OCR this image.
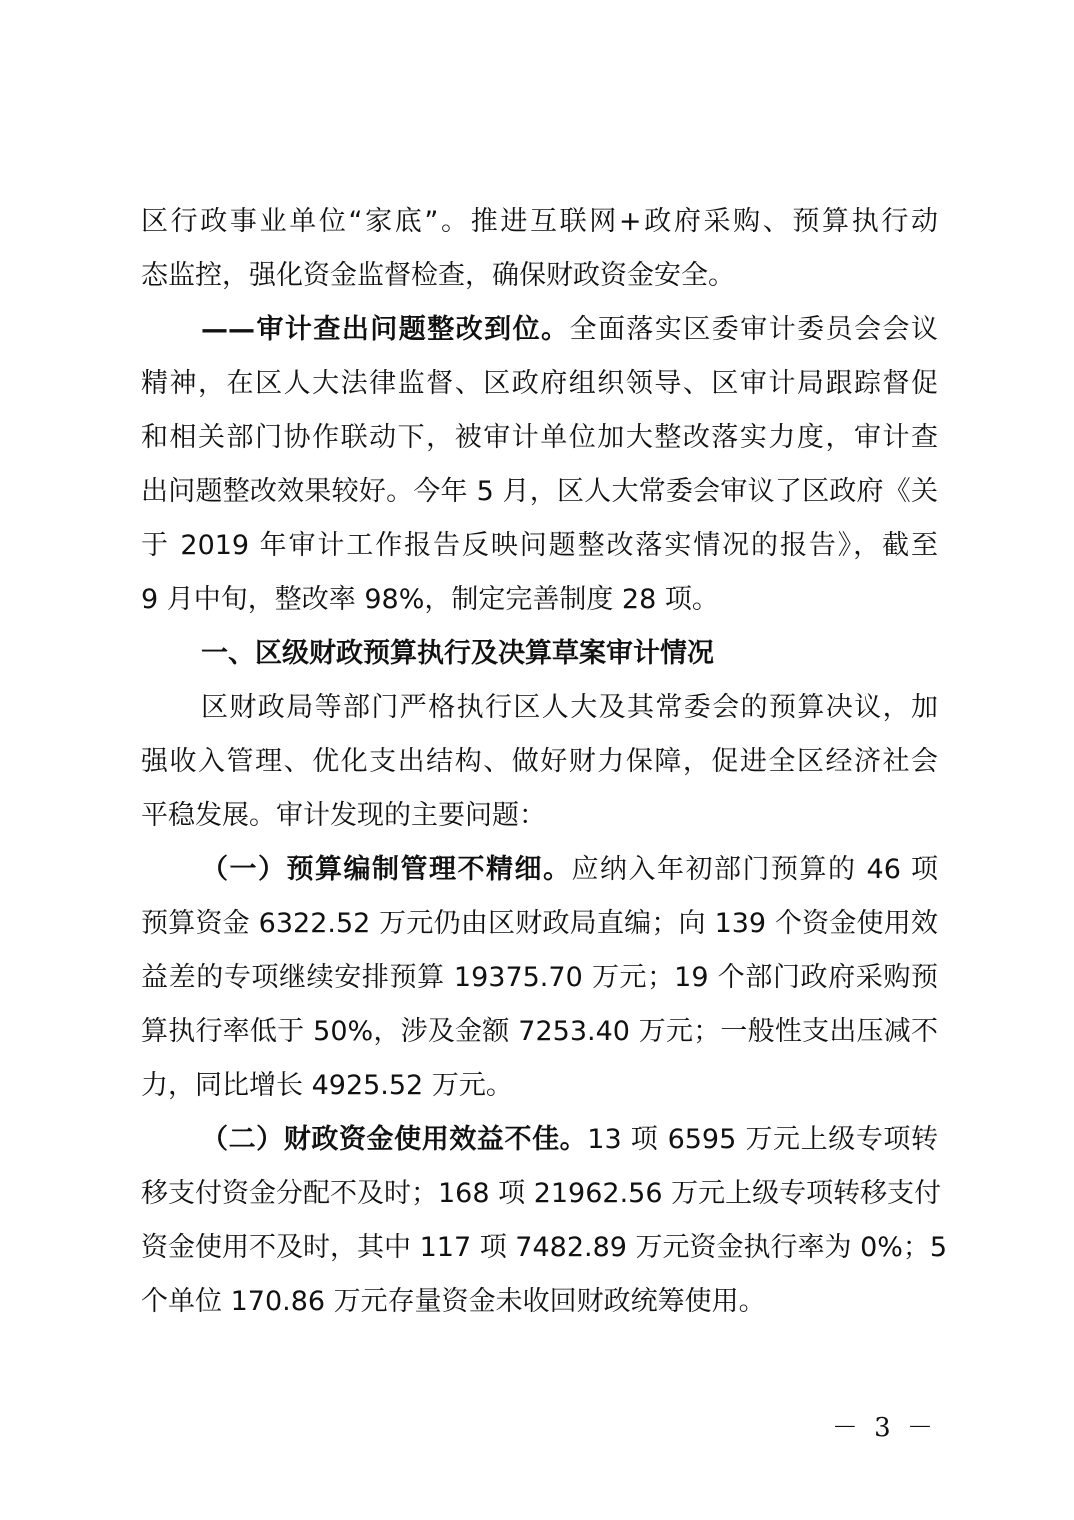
区行政事业单位“家底”。推进互联网+政府采购、预算执行动
态监控，强化资金监督检查，确保财政资金安全。
——审计查出问题整改到位。全面落实区委审计委员会会议
精神，在区人大法律监督、区政府组织领导、区审计局跟踪督促
和相关部门协作联动下，被审计单位加大整改落实力度，审计查
出问题整改效果较好。今年 5 月，区人大常委会审议了区政府《关
于 2019 年审计工作报告反映问题整改落实情况的报告》，截至
9 月中旬，整改率 98%，制定完善制度 28 项。
一、区级财政预算执行及决算草案审计情况
区财政局等部门严格执行区人大及其常委会的预算决议，加
强收入管理、优化支出结构、做好财力保障，促进全区经济社会
平稳发展。审计发现的主要问题：
（一）预算编制管理不精细。应纳入年初部门预算的 46 项
预算资金 6322.52 万元仍由区财政局直编；向 139 个资金使用效
益差的专项继续安排预算 19375.70 万元；19 个部门政府采购预
算执行率低于 50%，涉及金额 7253.40 万元；一般性支出压减不
力，同比增长 4925.52 万元。
（二）财政资金使用效益不佳。13 项 6595 万元上级专项转
移支付资金分配不及时；168 项 21962.56 万元上级专项转移支付
资金使用不及时，其中 117 项 7482.89 万元资金执行率为 0%；5
个单位 170.86 万元存量资金未收回财政统筹使用。
－ 3 －
